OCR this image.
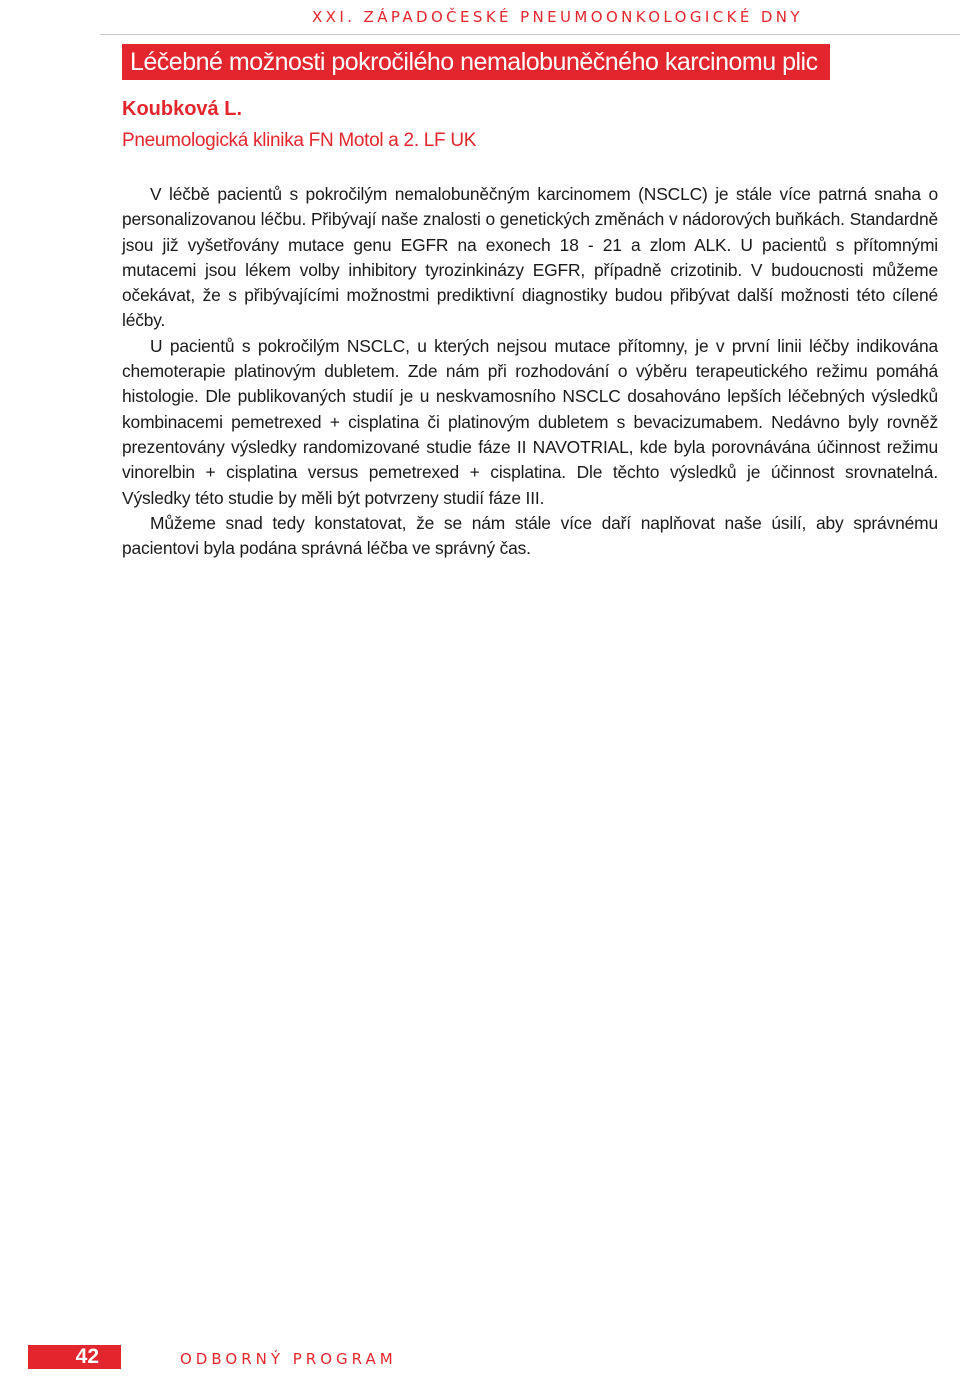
XXI. ZÁPADOČESKÉ PNEUMOONKOLOGICKÉ DNY
Léčebné možnosti pokročilého nemalobuněčného karcinomu plic
Koubková L.
Pneumologická klinika FN Motol a 2. LF UK

V léčbě pacientů s pokročilým nemalobuněčným karcinomem (NSCLC) je stále více patrná snaha o personalizovanou léčbu. Přibývají naše znalosti o genetických změnách v nádorových buňkách. Standardně jsou již vyšetřovány mutace genu EGFR na exonech 18 - 21 a zlom ALK. U pacientů s přítomnými mutacemi jsou lékem volby inhibitory tyrozinkinázy EGFR, případně crizotinib. V budoucnosti můžeme očekávat, že s přibývajícími možnostmi prediktivní diagnostiky budou přibývat další možnosti této cílené léčby.

U pacientů s pokročilým NSCLC, u kterých nejsou mutace přítomny, je v první linii léčby indikována chemoterapie platinovým dubletem. Zde nám při rozhodování o výběru terapeutického režimu pomáhá histologie. Dle publikovaných studií je u neskvamosního NSCLC dosahováno lepších léčebných výsledků kombinacemi pemetrexed + cisplatina či platinovým dubletem s bevacizumabem. Nedávno byly rovněž prezentovány výsledky randomizované studie fáze II NAVOTRIAL, kde byla porovnávána účinnost režimu vinorelbin + cisplatina versus pemetrexed + cisplatina. Dle těchto výsledků je účinnost srovnatelná. Výsledky této studie by měli být potvrzeny studií fáze III.

Můžeme snad tedy konstatovat, že se nám stále více daří naplňovat naše úsilí, aby správnému pacientovi byla podána správná léčba ve správný čas.

42	ODBORNÝ PROGRAM
